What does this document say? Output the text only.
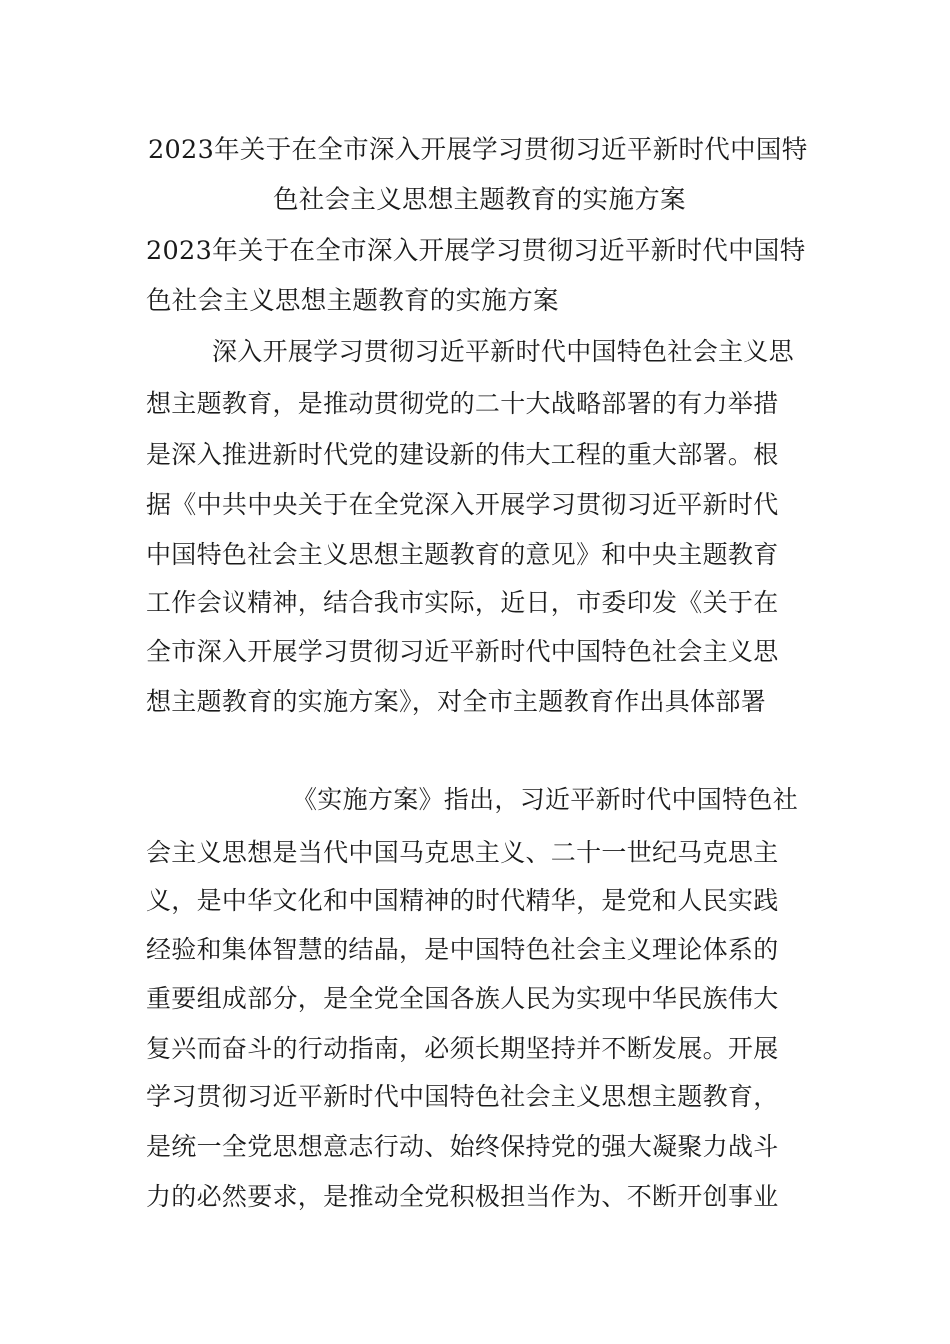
2023年关于在全市深入开展学习贯彻习近平新时代中国特
色社会主义思想主题教育的实施方案
2023年关于在全市深入开展学习贯彻习近平新时代中国特
色社会主义思想主题教育的实施方案
深入开展学习贯彻习近平新时代中国特色社会主义思
想主题教育，是推动贯彻党的二十大战略部署的有力举措
是深入推进新时代党的建设新的伟大工程的重大部署。根
据《中共中央关于在全党深入开展学习贯彻习近平新时代
中国特色社会主义思想主题教育的意见》和中央主题教育
工作会议精神，结合我市实际，近日，市委印发《关于在
全市深入开展学习贯彻习近平新时代中国特色社会主义思
想主题教育的实施方案》，对全市主题教育作出具体部署
《实施方案》指出，习近平新时代中国特色社
会主义思想是当代中国马克思主义、二十一世纪马克思主
义，是中华文化和中国精神的时代精华，是党和人民实践
经验和集体智慧的结晶，是中国特色社会主义理论体系的
重要组成部分，是全党全国各族人民为实现中华民族伟大
复兴而奋斗的行动指南，必须长期坚持并不断发展。开展
学习贯彻习近平新时代中国特色社会主义思想主题教育，
是统一全党思想意志行动、始终保持党的强大凝聚力战斗
力的必然要求，是推动全党积极担当作为、不断开创事业
